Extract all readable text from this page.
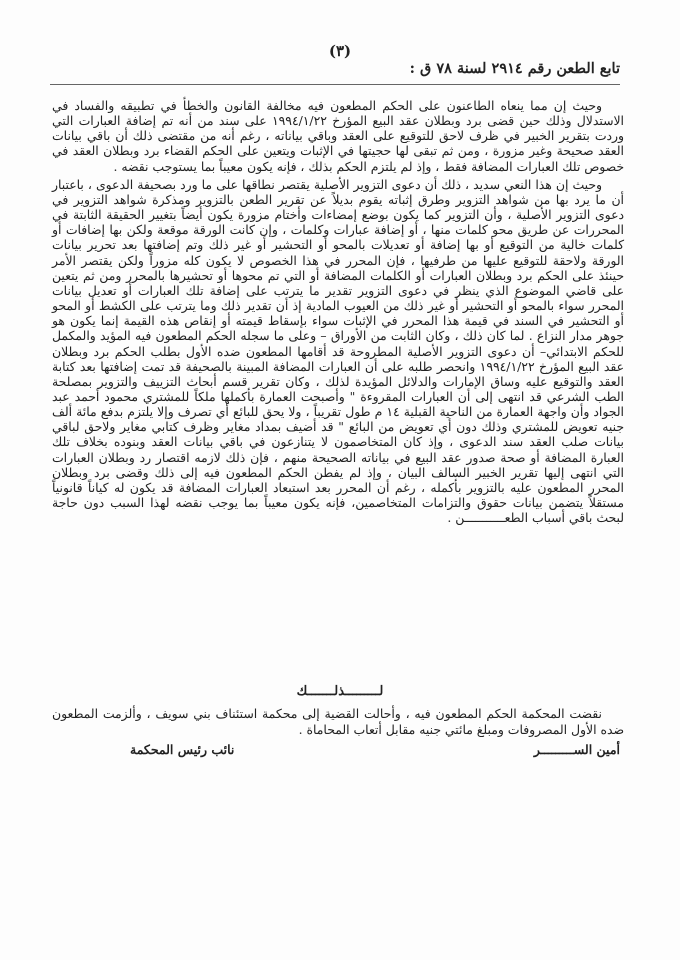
(٣)
تابع الطعن رقم ٢٩١٤ لسنة ٧٨ ق :

وحيث إن مما ينعاه الطاعنون على الحكم المطعون فيه مخالفة القانون والخطأ في تطبيقه والفساد في الاستدلال وذلك حين قضى برد وبطلان عقد البيع المؤرخ ١٩٩٤/١/٢٢ على سند من أنه تم إضافة العبارات التي وردت بتقرير الخبير في ظرف لاحق للتوقيع على العقد وباقي بياناته ، رغم أنه من مقتضى ذلك أن باقي بيانات العقد صحيحة وغير مزورة ، ومن ثم تبقى لها حجيتها في الإثبات ويتعين على الحكم القضاء برد وبطلان العقد في خصوص تلك العبارات المضافة فقط ، وإذ لم يلتزم الحكم بذلك ، فإنه يكون معيباً بما يستوجب نقضه .

وحيث إن هذا النعي سديد ، ذلك أن دعوى التزوير الأصلية يقتصر نطاقها على ما ورد بصحيفة الدعوى ، باعتبار أن ما يرد بها من شواهد التزوير وطرق إثباته يقوم بديلاً عن تقرير الطعن بالتزوير ومذكرة شواهد التزوير في دعوى التزوير الأصلية ، وأن التزوير كما يكون بوضع إمضاءات وأختام مزورة يكون أيضاً بتغيير الحقيقة الثابتة في المحررات عن طريق محو كلمات منها ، أو إضافة عبارات وكلمات ، وإن كانت الورقة موقعة ولكن بها إضافات أو كلمات خالية من التوقيع أو بها إضافة أو تعديلات بالمحو أو التحشير أو غير ذلك وتم إضافتها بعد تحرير بيانات الورقة ولاحقة للتوقيع عليها من طرفيها ، فإن المحرر في هذا الخصوص لا يكون كله مزوراً ولكن يقتصر الأمر حينئذ على الحكم برد وبطلان العبارات أو الكلمات المضافة أو التي تم محوها أو تحشيرها بالمحرر ومن ثم يتعين على قاضي الموضوع الذي ينظر في دعوى التزوير تقدير ما يترتب على إضافة تلك العبارات أو تعديل بيانات المحرر سواء بالمحو أو التحشير أو غير ذلك من العيوب المادية إذ أن تقدير ذلك وما يترتب على الكشط أو المحو أو التحشير في السند في قيمة هذا المحرر في الإثبات سواء بإسقاط قيمته أو إنقاص هذه القيمة إنما يكون هو جوهر مدار النزاع . لما كان ذلك ، وكان الثابت من الأوراق – وعلى ما سجله الحكم المطعون فيه المؤيد والمكمل للحكم الابتدائي– أن دعوى التزوير الأصلية المطروحة قد أقامها المطعون ضده الأول بطلب الحكم برد وبطلان عقد البيع المؤرخ ١٩٩٤/١/٢٢ وانحصر طلبه على أن العبارات المضافة المبينة بالصحيفة قد تمت إضافتها بعد كتابة العقد والتوقيع عليه وساق الإمارات والدلائل المؤيدة لذلك ، وكان تقرير قسم أبحاث التزييف والتزوير بمصلحة الطب الشرعي قد انتهى إلى أن العبارات المقروءة " وأصبحت العمارة بأكملها ملكاً للمشتري محمود أحمد عبد الجواد وأن واجهة العمارة من الناحية القبلية ١٤ م طول تقريباً ، ولا يحق للبائع أي تصرف وإلا يلتزم بدفع مائة ألف جنيه تعويض للمشتري وذلك دون أي تعويض من البائع " قد أضيف بمداد مغاير وظرف كتابي مغاير ولاحق لباقي بيانات صلب العقد سند الدعوى ، وإذ كان المتخاصمون لا يتنازعون في باقي بيانات العقد وبنوده بخلاف تلك العبارة المضافة أو صحة صدور عقد البيع في بياناته الصحيحة منهم ، فإن ذلك لازمه اقتصار رد وبطلان العبارات التي انتهى إليها تقرير الخبير السالف البيان ، وإذ لم يفطن الحكم المطعون فيه إلى ذلك وقضى برد وبطلان المحرر المطعون عليه بالتزوير بأكمله ، رغم أن المحرر بعد استبعاد العبارات المضافة قد يكون له كياناً قانونياً مستقلاً يتضمن بيانات حقوق والتزامات المتخاصمين، فإنه يكون معيباً بما يوجب نقضه لهذا السبب دون حاجة لبحث باقي أسباب الطعـــــــــــن .

لـــــــــذلـــــــك

نقضت المحكمة الحكم المطعون فيه ، وأحالت القضية إلى محكمة استئناف بني سويف ، وألزمت المطعون ضده الأول المصروفات ومبلغ مائتي جنيه مقابل أتعاب المحاماة .

أمين الســـــــــر
نائب رئيس المحكمة
